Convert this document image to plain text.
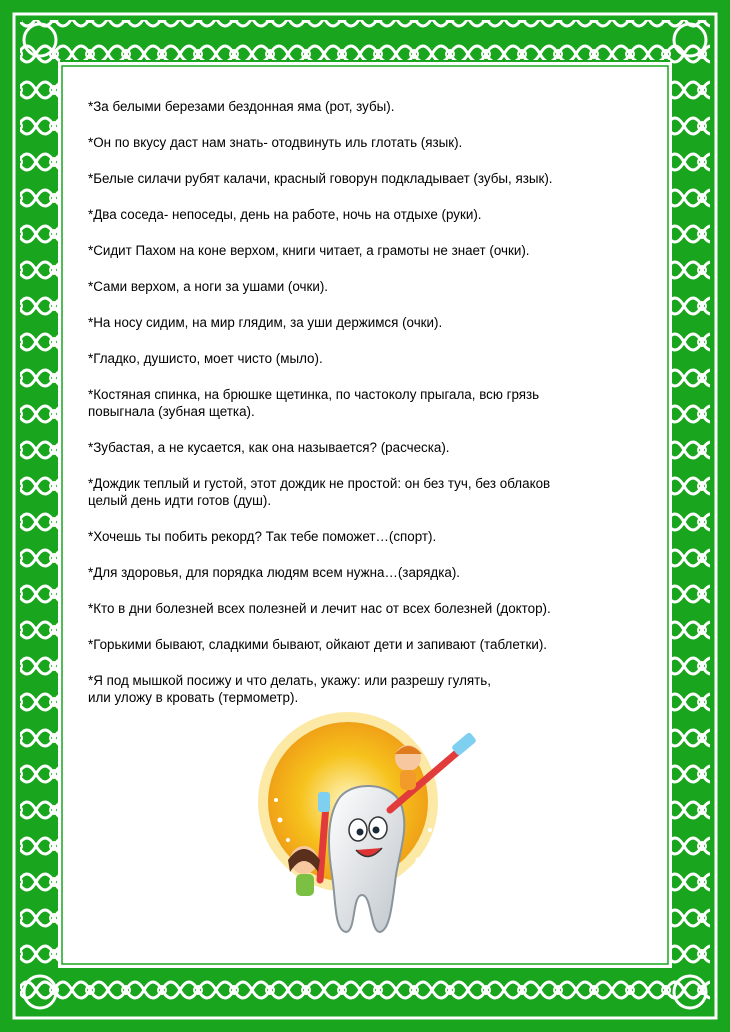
*За белыми березами бездонная яма (рот, зубы).
*Он по вкусу даст нам знать- отодвинуть иль глотать (язык).
*Белые силачи рубят калачи, красный говорун подкладывает (зубы, язык).
*Два соседа- непоседы, день на работе, ночь на отдыхе (руки).
*Сидит Пахом на коне верхом, книги читает, а грамоты не знает (очки).
*Сами верхом, а ноги за ушами (очки).
*На носу сидим, на мир глядим, за уши держимся (очки).
*Гладко, душисто, моет чисто (мыло).
*Костяная спинка, на брюшке щетинка, по частоколу прыгала, всю грязь
повыгнала (зубная щетка).
*Зубастая, а не кусается, как она называется? (расческа).
*Дождик теплый и густой, этот дождик не простой: он без туч, без облаков
целый день идти готов (душ).
*Хочешь ты побить рекорд? Так тебе поможет…(спорт).
*Для здоровья, для порядка людям всем нужна…(зарядка).
*Кто в дни болезней всех полезней и лечит нас от всех болезней (доктор).
*Горькими бывают, сладкими бывают, ойкают дети и запивают (таблетки).
*Я под мышкой посижу и что делать, укажу: или разрешу гулять,
или уложу в кровать (термометр).
